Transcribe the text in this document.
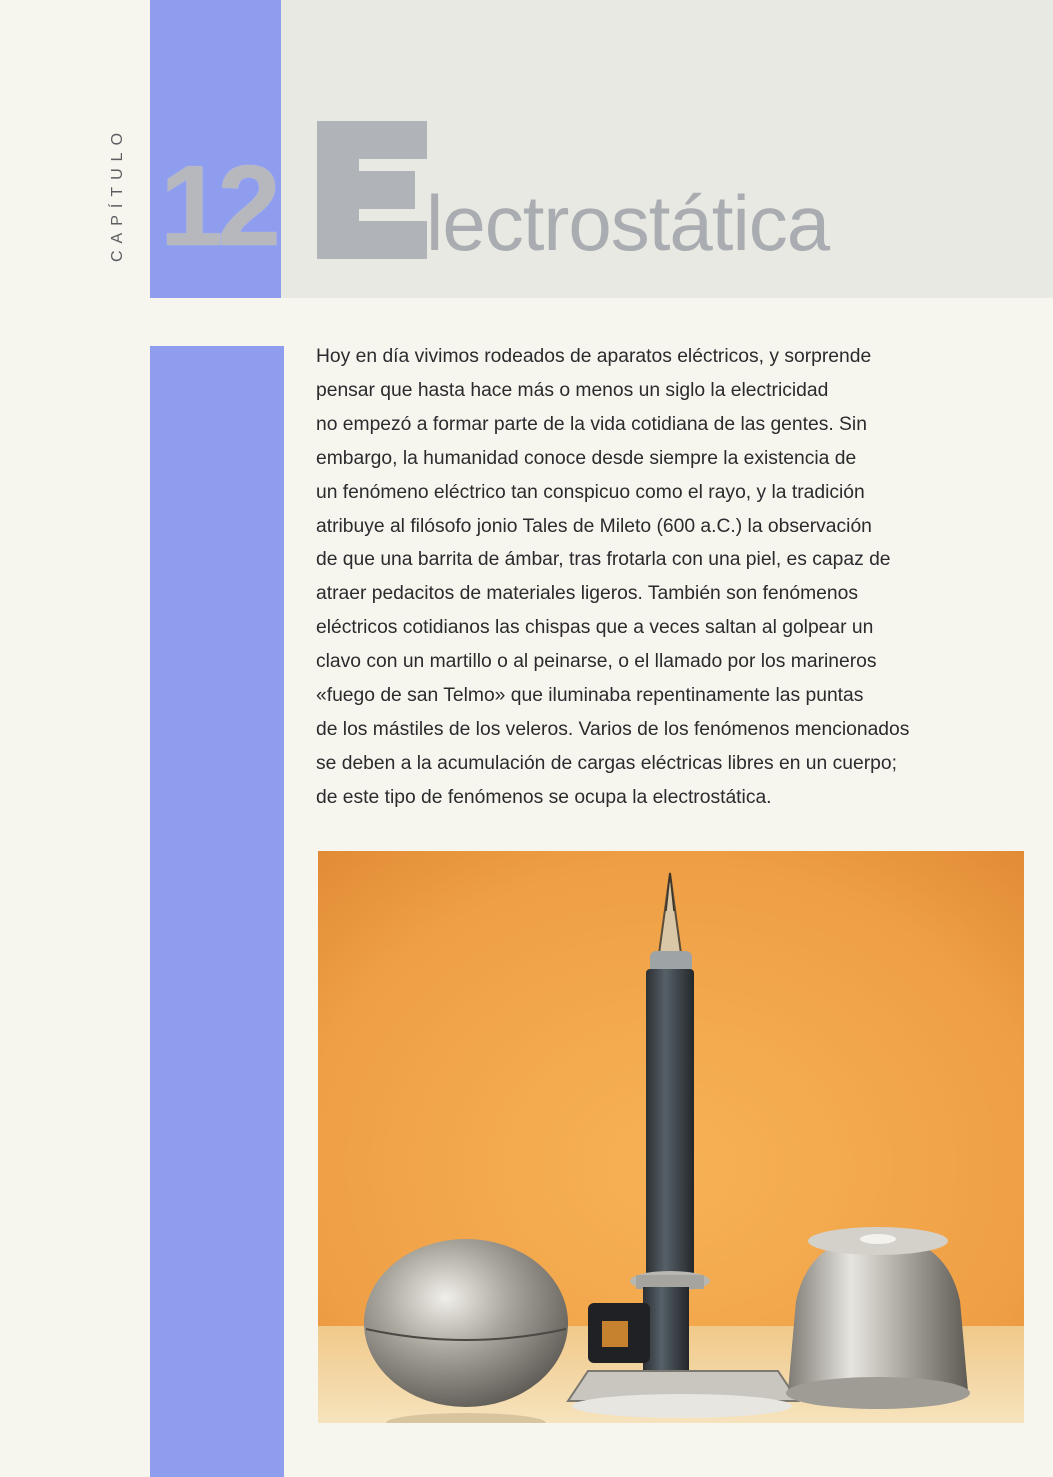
CAPÍTULO 12 lectrostática

Hoy en día vivimos rodeados de aparatos eléctricos, y sorprende
pensar que hasta hace más o menos un siglo la electricidad
no empezó a formar parte de la vida cotidiana de las gentes. Sin
embargo, la humanidad conoce desde siempre la existencia de
un fenómeno eléctrico tan conspicuo como el rayo, y la tradición
atribuye al filósofo jonio Tales de Mileto (600 a.C.) la observación
de que una barrita de ámbar, tras frotarla con una piel, es capaz de
atraer pedacitos de materiales ligeros. También son fenómenos
eléctricos cotidianos las chispas que a veces saltan al golpear un
clavo con un martillo o al peinarse, o el llamado por los marineros
«fuego de san Telmo» que iluminaba repentinamente las puntas
de los mástiles de los veleros. Varios de los fenómenos mencionados
se deben a la acumulación de cargas eléctricas libres en un cuerpo;
de este tipo de fenómenos se ocupa la electrostática.
